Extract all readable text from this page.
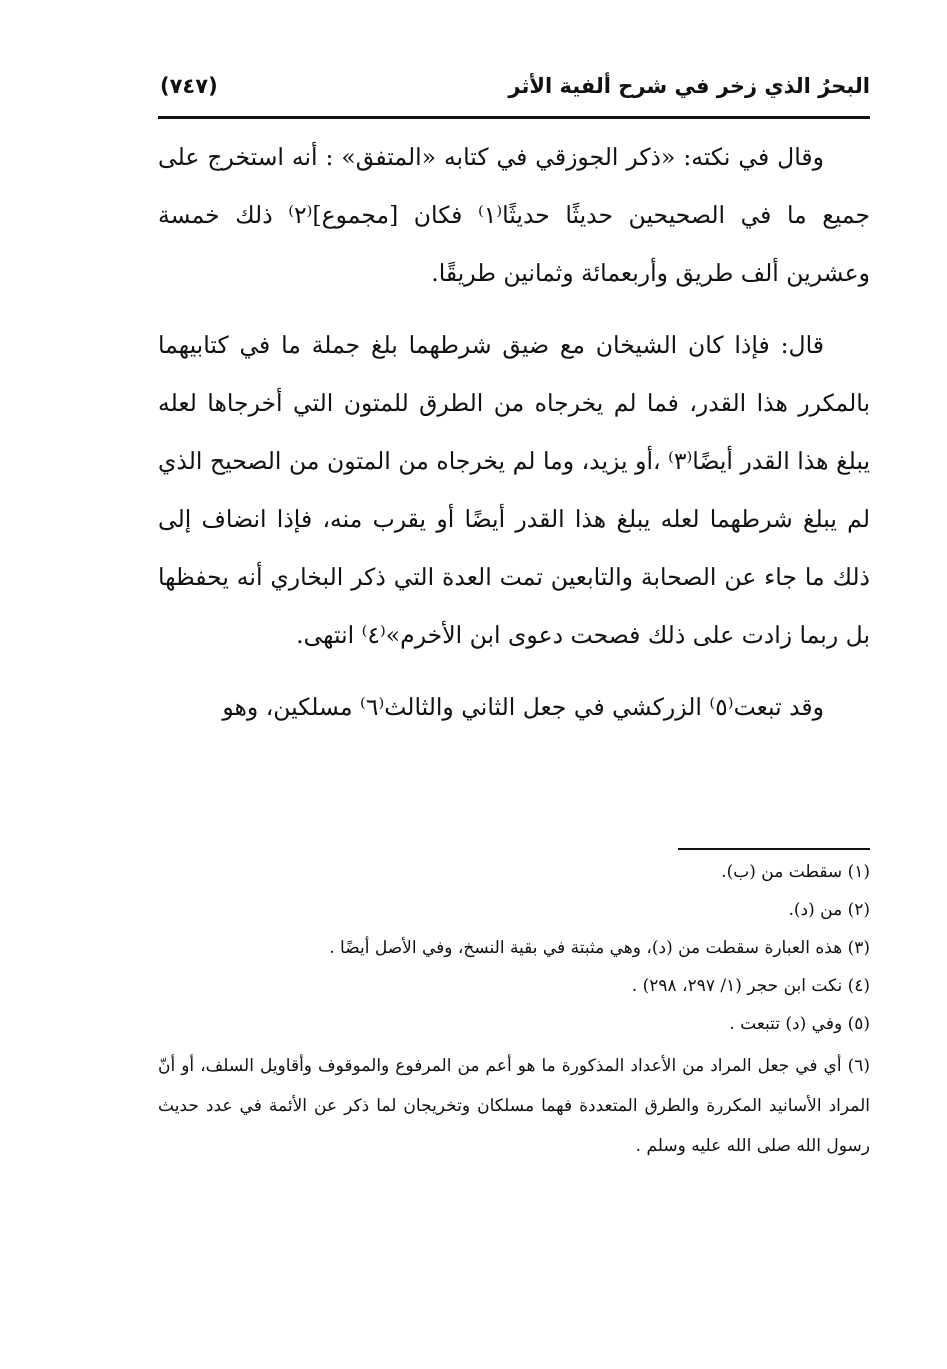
البحرُ الذي زخر في شرح ألفية الأثر
(٧٤٧)

وقال في نكته: «ذكر الجوزقي في كتابه «المتفق» : أنه استخرج على جميع ما في الصحيحين حديثًا حديثًا⁽١⁾ فكان [مجموع]⁽٢⁾ ذلك خمسة وعشرين ألف طريق وأربعمائة وثمانين طريقًا.

قال: فإذا كان الشيخان مع ضيق شرطهما بلغ جملة ما في كتابيهما بالمكرر هذا القدر، فما لم يخرجاه من الطرق للمتون التي أخرجاها لعله يبلغ هذا القدر أيضًا⁽٣⁾ ،أو يزيد، وما لم يخرجاه من المتون من الصحيح الذي لم يبلغ شرطهما لعله يبلغ هذا القدر أيضًا أو يقرب منه، فإذا انضاف إلى ذلك ما جاء عن الصحابة والتابعين تمت العدة التي ذكر البخاري أنه يحفظها بل ربما زادت على ذلك فصحت دعوى ابن الأخرم»⁽٤⁾ انتهى.

وقد تبعت⁽٥⁾ الزركشي في جعل الثاني والثالث⁽٦⁾ مسلكين، وهو

(١) سقطت من (ب).

(٢) من (د).

(٣) هذه العبارة سقطت من (د)، وهي مثبتة في بقية النسخ، وفي الأصل أيضًا .

(٤) نكت ابن حجر (١/ ٢٩٧، ٢٩٨) .

(٥) وفي (د) تتبعت .

(٦) أي في جعل المراد من الأعداد المذكورة ما هو أعم من المرفوع والموقوف وأقاويل السلف، أو أنّ المراد الأسانيد المكررة والطرق المتعددة فهما مسلكان وتخريجان لما ذكر عن الأئمة في عدد حديث رسول الله صلى الله عليه وسلم .
